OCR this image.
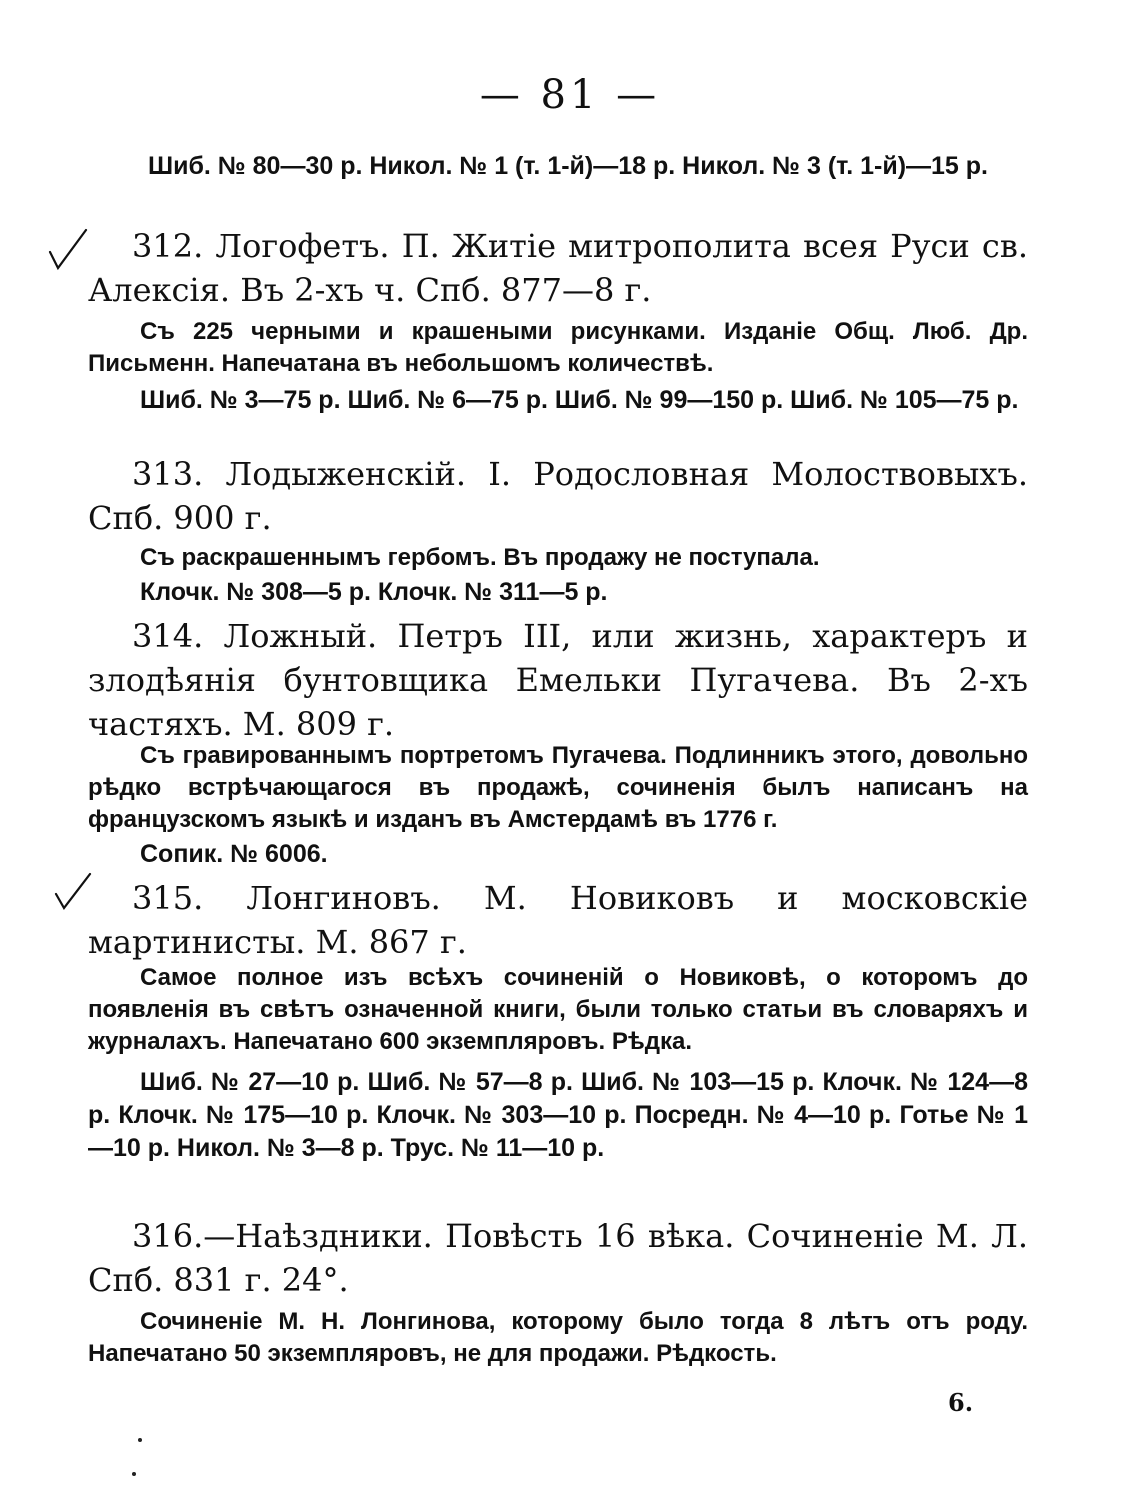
— 81 —

Шиб. № 80—30 р. Никол. № 1 (т. 1-й)—18 р. Никол. № 3 (т. 1-й)—15 р.

312. Логофетъ. П. Житіе митрополита всея Руси св. Алексія. Въ 2-хъ ч. Спб. 877—8 г.

Съ 225 черными и крашеными рисунками. Изданіе Общ. Люб. Др. Письменн. Напечатана въ небольшомъ количествѣ.

Шиб. № 3—75 р. Шиб. № 6—75 р. Шиб. № 99—150 р. Шиб. № 105—75 р.

313. Лодыженскій. І. Родословная Молоствовыхъ. Спб. 900 г.

Съ раскрашеннымъ гербомъ. Въ продажу не поступала.

Клочк. № 308—5 р. Клочк. № 311—5 р.

314. Ложный. Петръ III, или жизнь, характеръ и злодѣянія бунтовщика Емельки Пугачева. Въ 2-хъ частяхъ. М. 809 г.

Съ гравированнымъ портретомъ Пугачева. Подлинникъ этого, довольно рѣдко встрѣчающагося въ продажѣ, сочиненія былъ написанъ на французскомъ языкѣ и изданъ въ Амстердамѣ въ 1776 г.

Сопик. № 6006.

315. Лонгиновъ. М. Новиковъ и московскіе мартинисты. М. 867 г.

Самое полное изъ всѣхъ сочиненій о Новиковѣ, о которомъ до появленія въ свѣтъ означенной книги, были только статьи въ словаряхъ и журналахъ. Напечатано 600 экземпляровъ. Рѣдка.

Шиб. № 27—10 р. Шиб. № 57—8 р. Шиб. № 103—15 р. Клочк. № 124—8 р. Клочк. № 175—10 р. Клочк. № 303—10 р. Посредн. № 4—10 р. Готье № 1—10 р. Никол. № 3—8 р. Трус. № 11—10 р.

316.—Наѣздники. Повѣсть 16 вѣка. Сочиненіе М. Л. Спб. 831 г. 24°.

Сочиненіе М. Н. Лонгинова, которому было тогда 8 лѣтъ отъ роду. Напечатано 50 экземпляровъ, не для продажи. Рѣдкость.

6.
